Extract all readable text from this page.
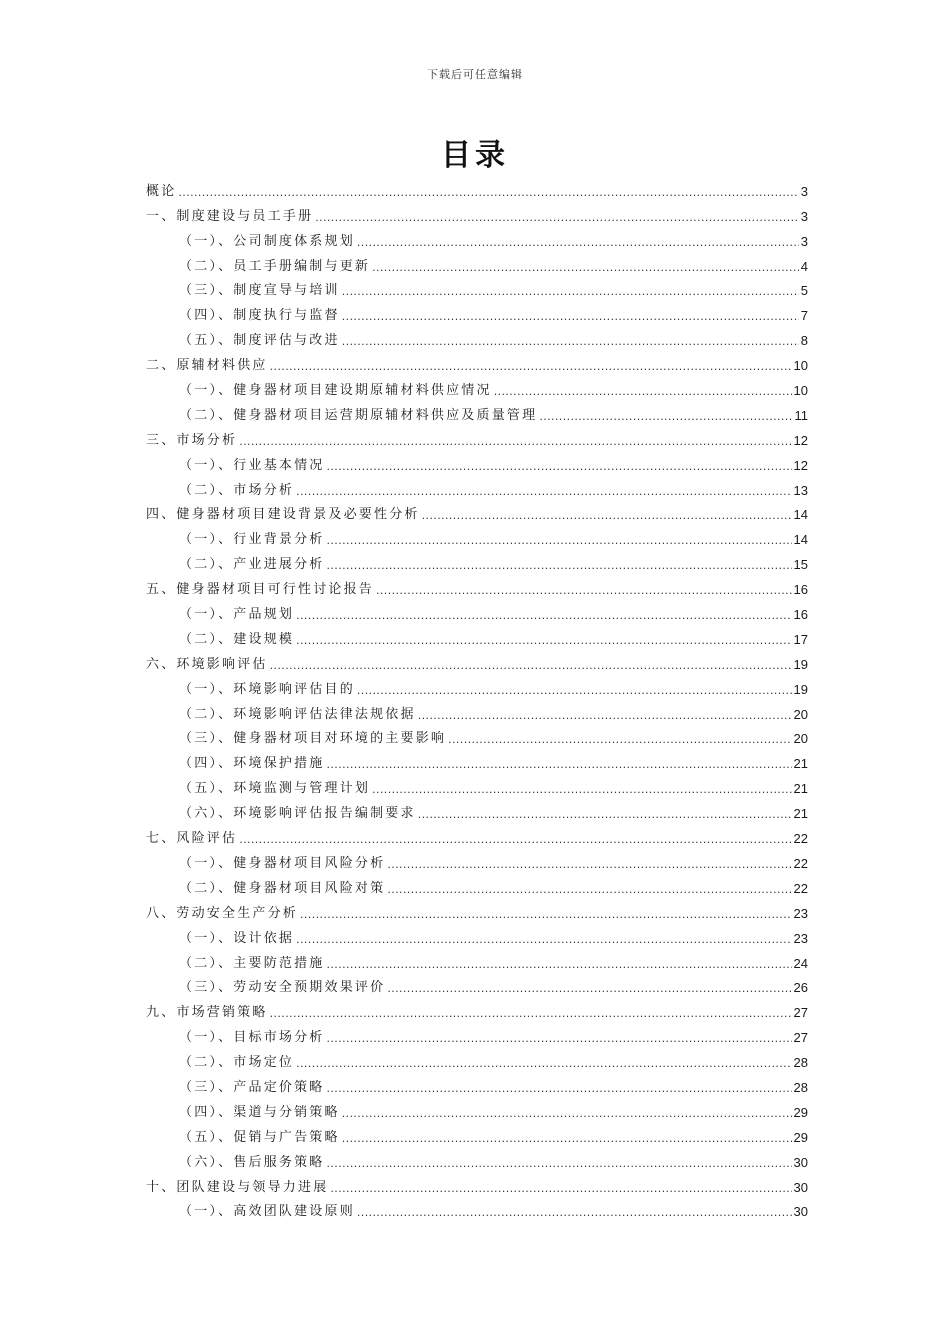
下载后可任意编辑
目录
概论 .....	3
一、制度建设与员工手册 .....	3
（一）、公司制度体系规划 .....	3
（二）、员工手册编制与更新 .....	4
（三）、制度宣导与培训 .....	5
（四）、制度执行与监督 .....	7
（五）、制度评估与改进 .....	8
二、原辅材料供应 .....	10
（一）、健身器材项目建设期原辅材料供应情况 .....	10
（二）、健身器材项目运营期原辅材料供应及质量管理 .....	11
三、市场分析 .....	12
（一）、行业基本情况 .....	12
（二）、市场分析 .....	13
四、健身器材项目建设背景及必要性分析 .....	14
（一）、行业背景分析 .....	14
（二）、产业进展分析 .....	15
五、健身器材项目可行性讨论报告 .....	16
（一）、产品规划 .....	16
（二）、建设规模 .....	17
六、环境影响评估 .....	19
（一）、环境影响评估目的 .....	19
（二）、环境影响评估法律法规依据 .....	20
（三）、健身器材项目对环境的主要影响 .....	20
（四）、环境保护措施 .....	21
（五）、环境监测与管理计划 .....	21
（六）、环境影响评估报告编制要求 .....	21
七、风险评估 .....	22
（一）、健身器材项目风险分析 .....	22
（二）、健身器材项目风险对策 .....	22
八、劳动安全生产分析 .....	23
（一）、设计依据 .....	23
（二）、主要防范措施 .....	24
（三）、劳动安全预期效果评价 .....	26
九、市场营销策略 .....	27
（一）、目标市场分析 .....	27
（二）、市场定位 .....	28
（三）、产品定价策略 .....	28
（四）、渠道与分销策略 .....	29
（五）、促销与广告策略 .....	29
（六）、售后服务策略 .....	30
十、团队建设与领导力进展 .....	30
（一）、高效团队建设原则 .....	30
